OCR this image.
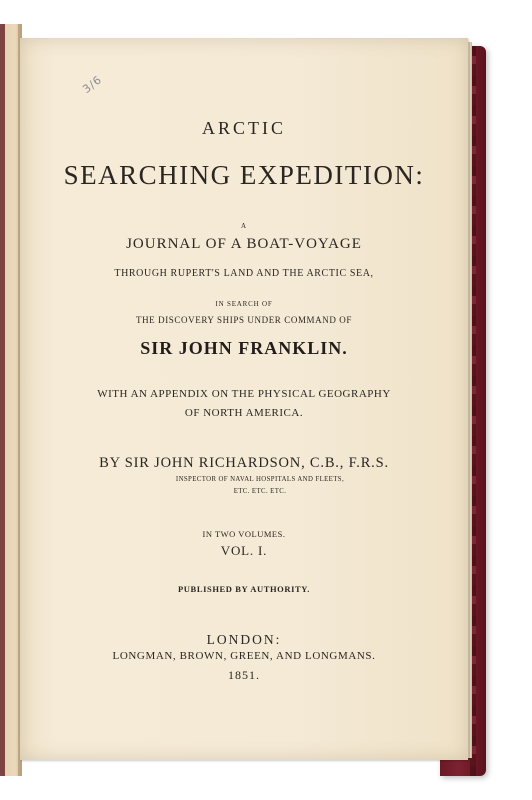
3/6
ARCTIC
SEARCHING EXPEDITION:
A
JOURNAL OF A BOAT-VOYAGE
THROUGH RUPERT'S LAND AND THE ARCTIC SEA,
IN SEARCH OF
THE DISCOVERY SHIPS UNDER COMMAND OF
SIR JOHN FRANKLIN.
WITH AN APPENDIX ON THE PHYSICAL GEOGRAPHY
OF NORTH AMERICA.
BY SIR JOHN RICHARDSON, C.B., F.R.S.
INSPECTOR OF NAVAL HOSPITALS AND FLEETS,
ETC. ETC. ETC.
IN TWO VOLUMES.
VOL. I.
PUBLISHED BY AUTHORITY.
LONDON:
LONGMAN, BROWN, GREEN, AND LONGMANS.
1851.
